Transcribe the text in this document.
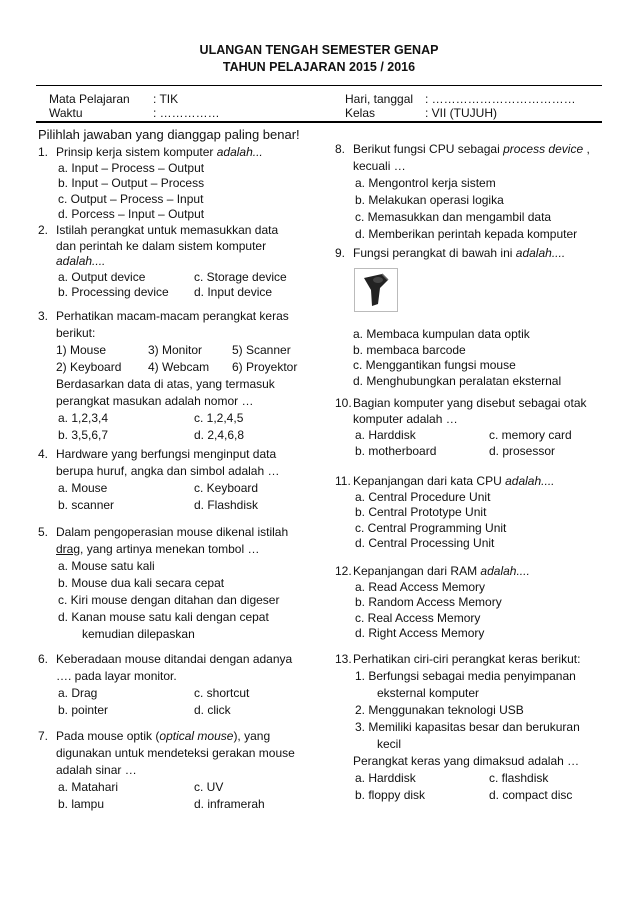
ULANGAN TENGAH SEMESTER GENAP
TAHUN PELAJARAN 2015 / 2016
Mata Pelajaran : TIK
Waktu	: ……………
Hari, tanggal : ………………………………
Kelas	: VII (TUJUH)
Pilihlah jawaban yang dianggap paling benar!
1. Prinsip kerja sistem komputer adalah...
a. Input – Process – Output
b. Input – Output – Process
c. Output – Process – Input
d. Porcess – Input – Output
2. Istilah perangkat untuk memasukkan data
dan perintah ke dalam sistem komputer
adalah....
a. Output device	c. Storage device
b. Processing device d. Input device
3. Perhatikan macam-macam perangkat keras
berikut:
1) Mouse	3) Monitor 5) Scanner
2) Keyboard 4) Webcam 6) Proyektor
Berdasarkan data di atas, yang termasuk
perangkat masukan adalah nomor …
a. 1,2,3,4	c. 1,2,4,5
b. 3,5,6,7	d. 2,4,6,8
4. Hardware yang berfungsi menginput data
berupa huruf, angka dan simbol adalah …
a. Mouse	c. Keyboard
b. scanner	d. Flashdisk
5. Dalam pengoperasian mouse dikenal istilah
drag, yang artinya menekan tombol …
a. Mouse satu kali
b. Mouse dua kali secara cepat
c. Kiri mouse dengan ditahan dan digeser
d. Kanan mouse satu kali dengan cepat
kemudian dilepaskan
6. Keberadaan mouse ditandai dengan adanya
…. pada layar monitor.
a. Drag	c. shortcut
b. pointer	d. click
7. Pada mouse optik (optical mouse), yang
digunakan untuk mendeteksi gerakan mouse
adalah sinar …
a. Matahari	c. UV
b. lampu	d. inframerah
8. Berikut fungsi CPU sebagai process device ,
kecuali …
a. Mengontrol kerja sistem
b. Melakukan operasi logika
c. Memasukkan dan mengambil data
d. Memberikan perintah kepada komputer
9. Fungsi perangkat di bawah ini adalah....
a. Membaca kumpulan data optik
b. membaca barcode
c. Menggantikan fungsi mouse
d. Menghubungkan peralatan eksternal
10. Bagian komputer yang disebut sebagai otak
komputer adalah …
a. Harddisk	c. memory card
b. motherboard	d. prosessor
11. Kepanjangan dari kata CPU adalah....
a. Central Procedure Unit
b. Central Prototype Unit
c. Central Programming Unit
d. Central Processing Unit
12. Kepanjangan dari RAM adalah....
a. Read Access Memory
b. Random Access Memory
c. Real Access Memory
d. Right Access Memory
13. Perhatikan ciri-ciri perangkat keras berikut:
1. Berfungsi sebagai media penyimpanan
eksternal komputer
2. Menggunakan teknologi USB
3. Memiliki kapasitas besar dan berukuran
kecil
Perangkat keras yang dimaksud adalah …
a. Harddisk	c. flashdisk
b. floppy disk	d. compact disc
